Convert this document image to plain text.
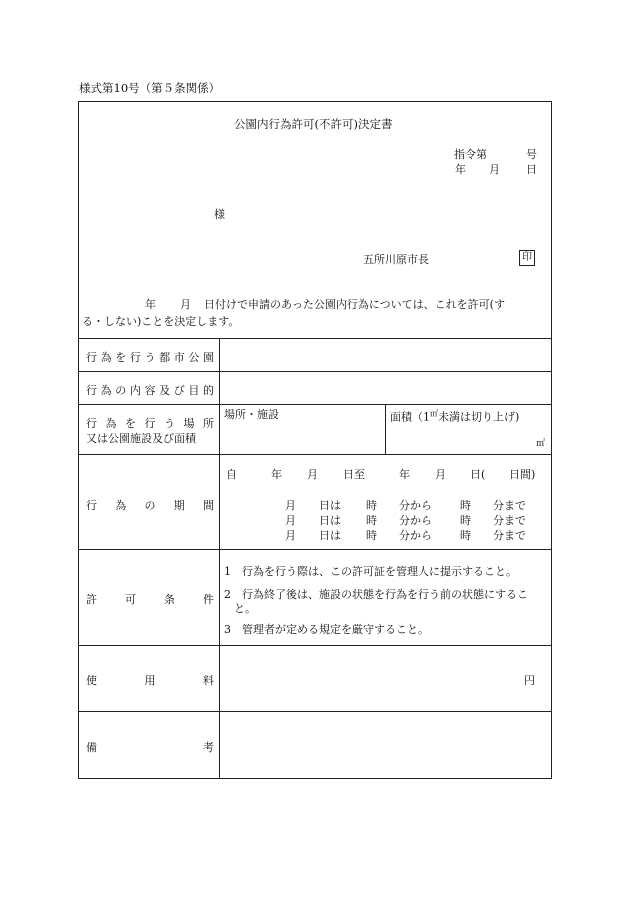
様式第10号（第５条関係）
公園内行為許可(不許可)決定書
指令第	号
年 月 日
様
五所川原市長	印
年 月 日付けで申請のあった公園内行為については、これを許可(す
る・しない)ことを決定します。
行 為 を 行 う 都 市 公 園
行 為 の 内 容 及 び 目 的
行 為 を 行 う 場 所
又は公園施設及び面積
場所・施設	面積（1㎡未満は切り上げ)
㎡
行 為 の 期 間
自	年 月 日至	年 月 日( 日間)
月 日は 時 分から	時 分まで
月 日は 時 分から	時 分まで
月 日は 時 分から	時 分まで
許	可	条	件
1　行為を行う際は、この許可証を管理人に提示すること。
2　行為終了後は、施設の状態を行為を行う前の状態にするこ
と。
3　管理者が定める規定を厳守すること。
使	用	料	円
備	考
